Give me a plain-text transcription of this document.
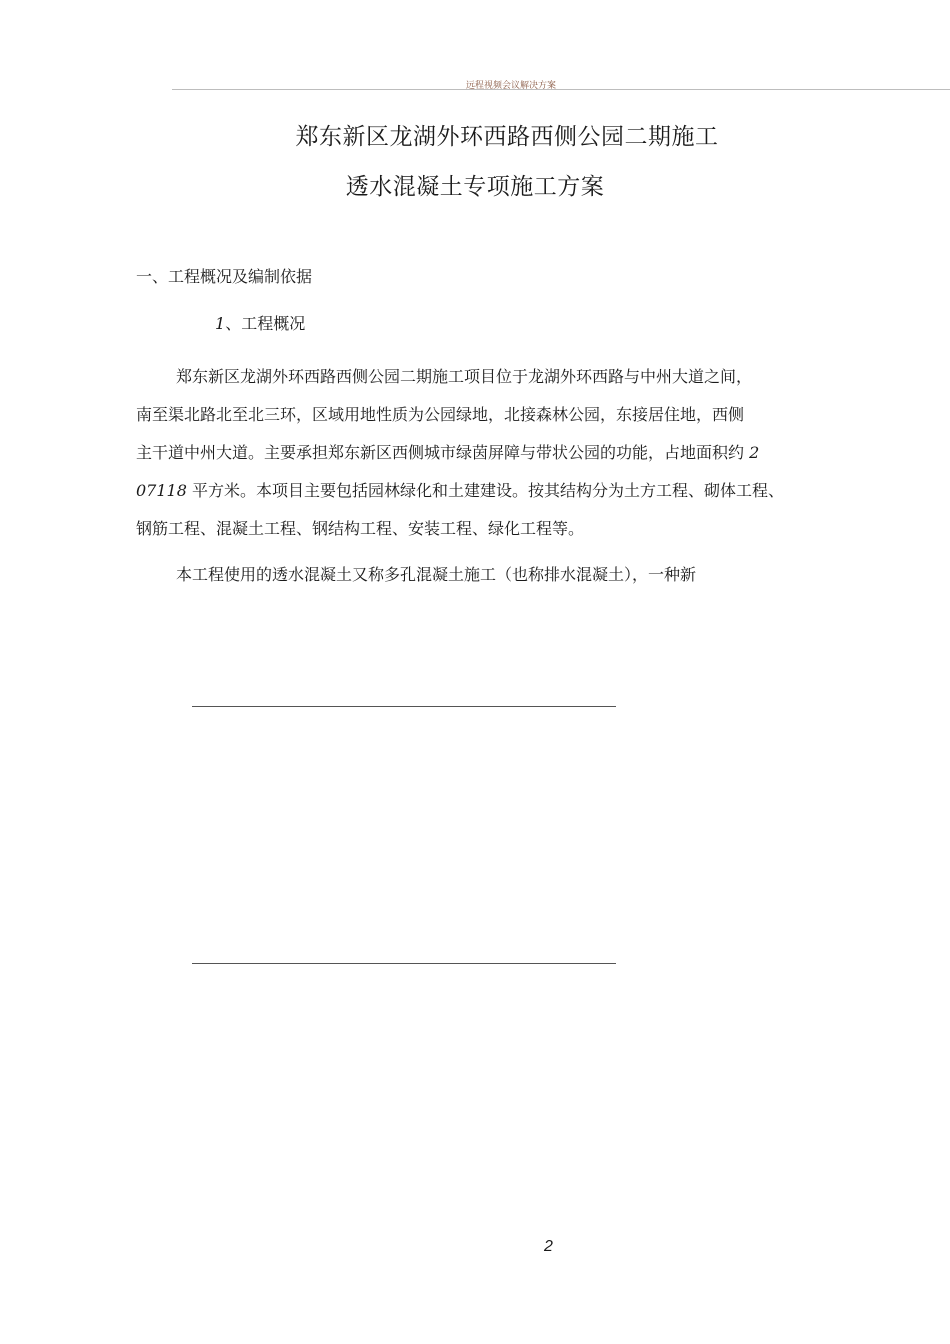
远程视频会议解决方案
郑东新区龙湖外环西路西侧公园二期施工
透水混凝土专项施工方案
一、工程概况及编制依据
1、工程概况
郑东新区龙湖外环西路西侧公园二期施工项目位于龙湖外环西路与中州大道之间，
南至渠北路北至北三环，区域用地性质为公园绿地，北接森林公园，东接居住地，西侧
主干道中州大道。主要承担郑东新区西侧城市绿茵屏障与带状公园的功能，占地面积约 2
07118 平方米。本项目主要包括园林绿化和土建建设。按其结构分为土方工程、砌体工程、
钢筋工程、混凝土工程、钢结构工程、安装工程、绿化工程等。
本工程使用的透水混凝土又称多孔混凝土施工（也称排水混凝土），一种新
2
